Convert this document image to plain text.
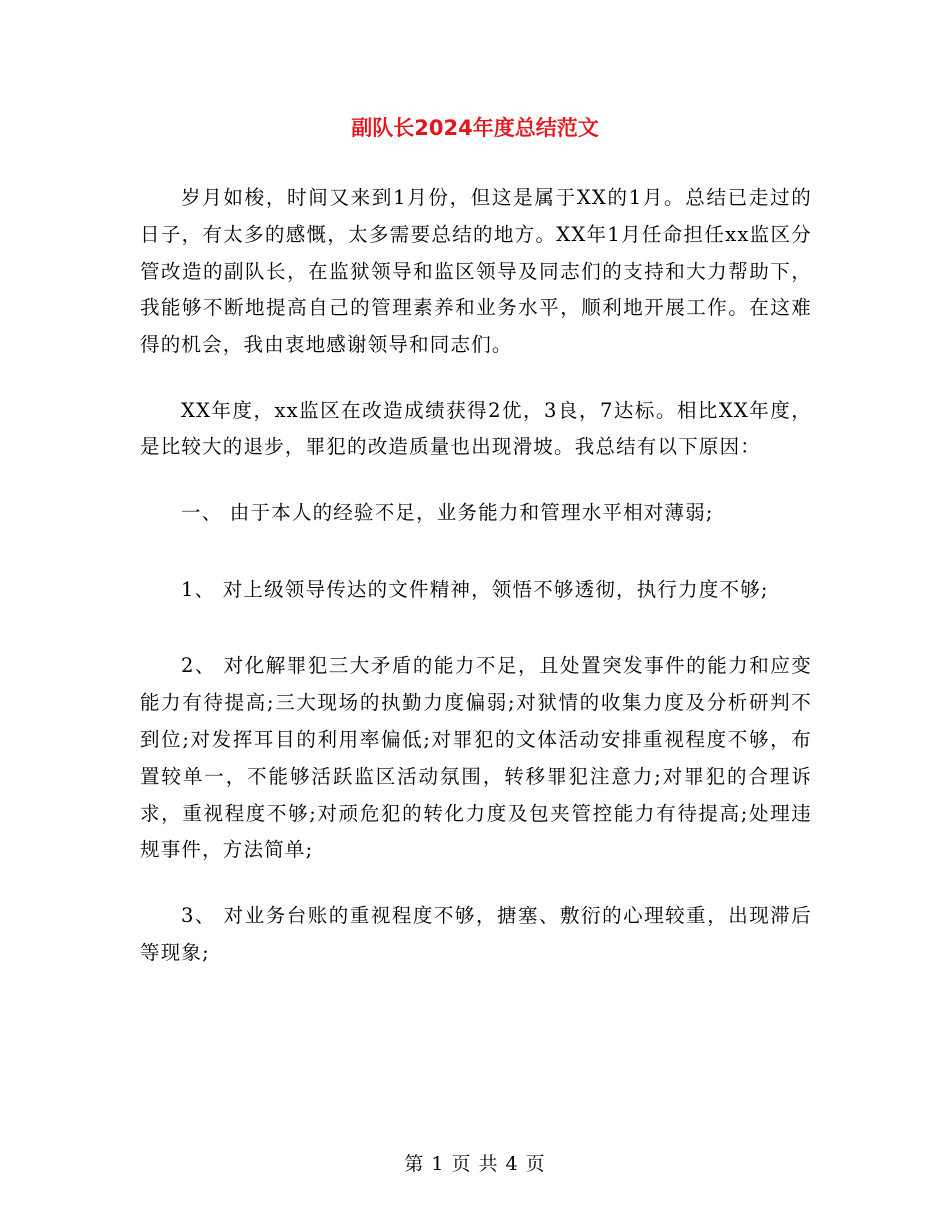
副队长2024年度总结范文

岁月如梭，时间又来到1月份，但这是属于XX的1月。总结已走过的日子，有太多的感慨，太多需要总结的地方。XX年1月任命担任xx监区分管改造的副队长，在监狱领导和监区领导及同志们的支持和大力帮助下，我能够不断地提高自己的管理素养和业务水平，顺利地开展工作。在这难得的机会，我由衷地感谢领导和同志们。

XX年度，xx监区在改造成绩获得2优，3良，7达标。相比XX年度，是比较大的退步，罪犯的改造质量也出现滑坡。我总结有以下原因：

一、 由于本人的经验不足，业务能力和管理水平相对薄弱;

1、 对上级领导传达的文件精神，领悟不够透彻，执行力度不够;

2、 对化解罪犯三大矛盾的能力不足，且处置突发事件的能力和应变能力有待提高;三大现场的执勤力度偏弱;对狱情的收集力度及分析研判不到位;对发挥耳目的利用率偏低;对罪犯的文体活动安排重视程度不够，布置较单一，不能够活跃监区活动氛围，转移罪犯注意力;对罪犯的合理诉求，重视程度不够;对顽危犯的转化力度及包夹管控能力有待提高;处理违规事件，方法简单;

3、 对业务台账的重视程度不够，搪塞、敷衍的心理较重，出现滞后等现象;

第 1 页 共 4 页
